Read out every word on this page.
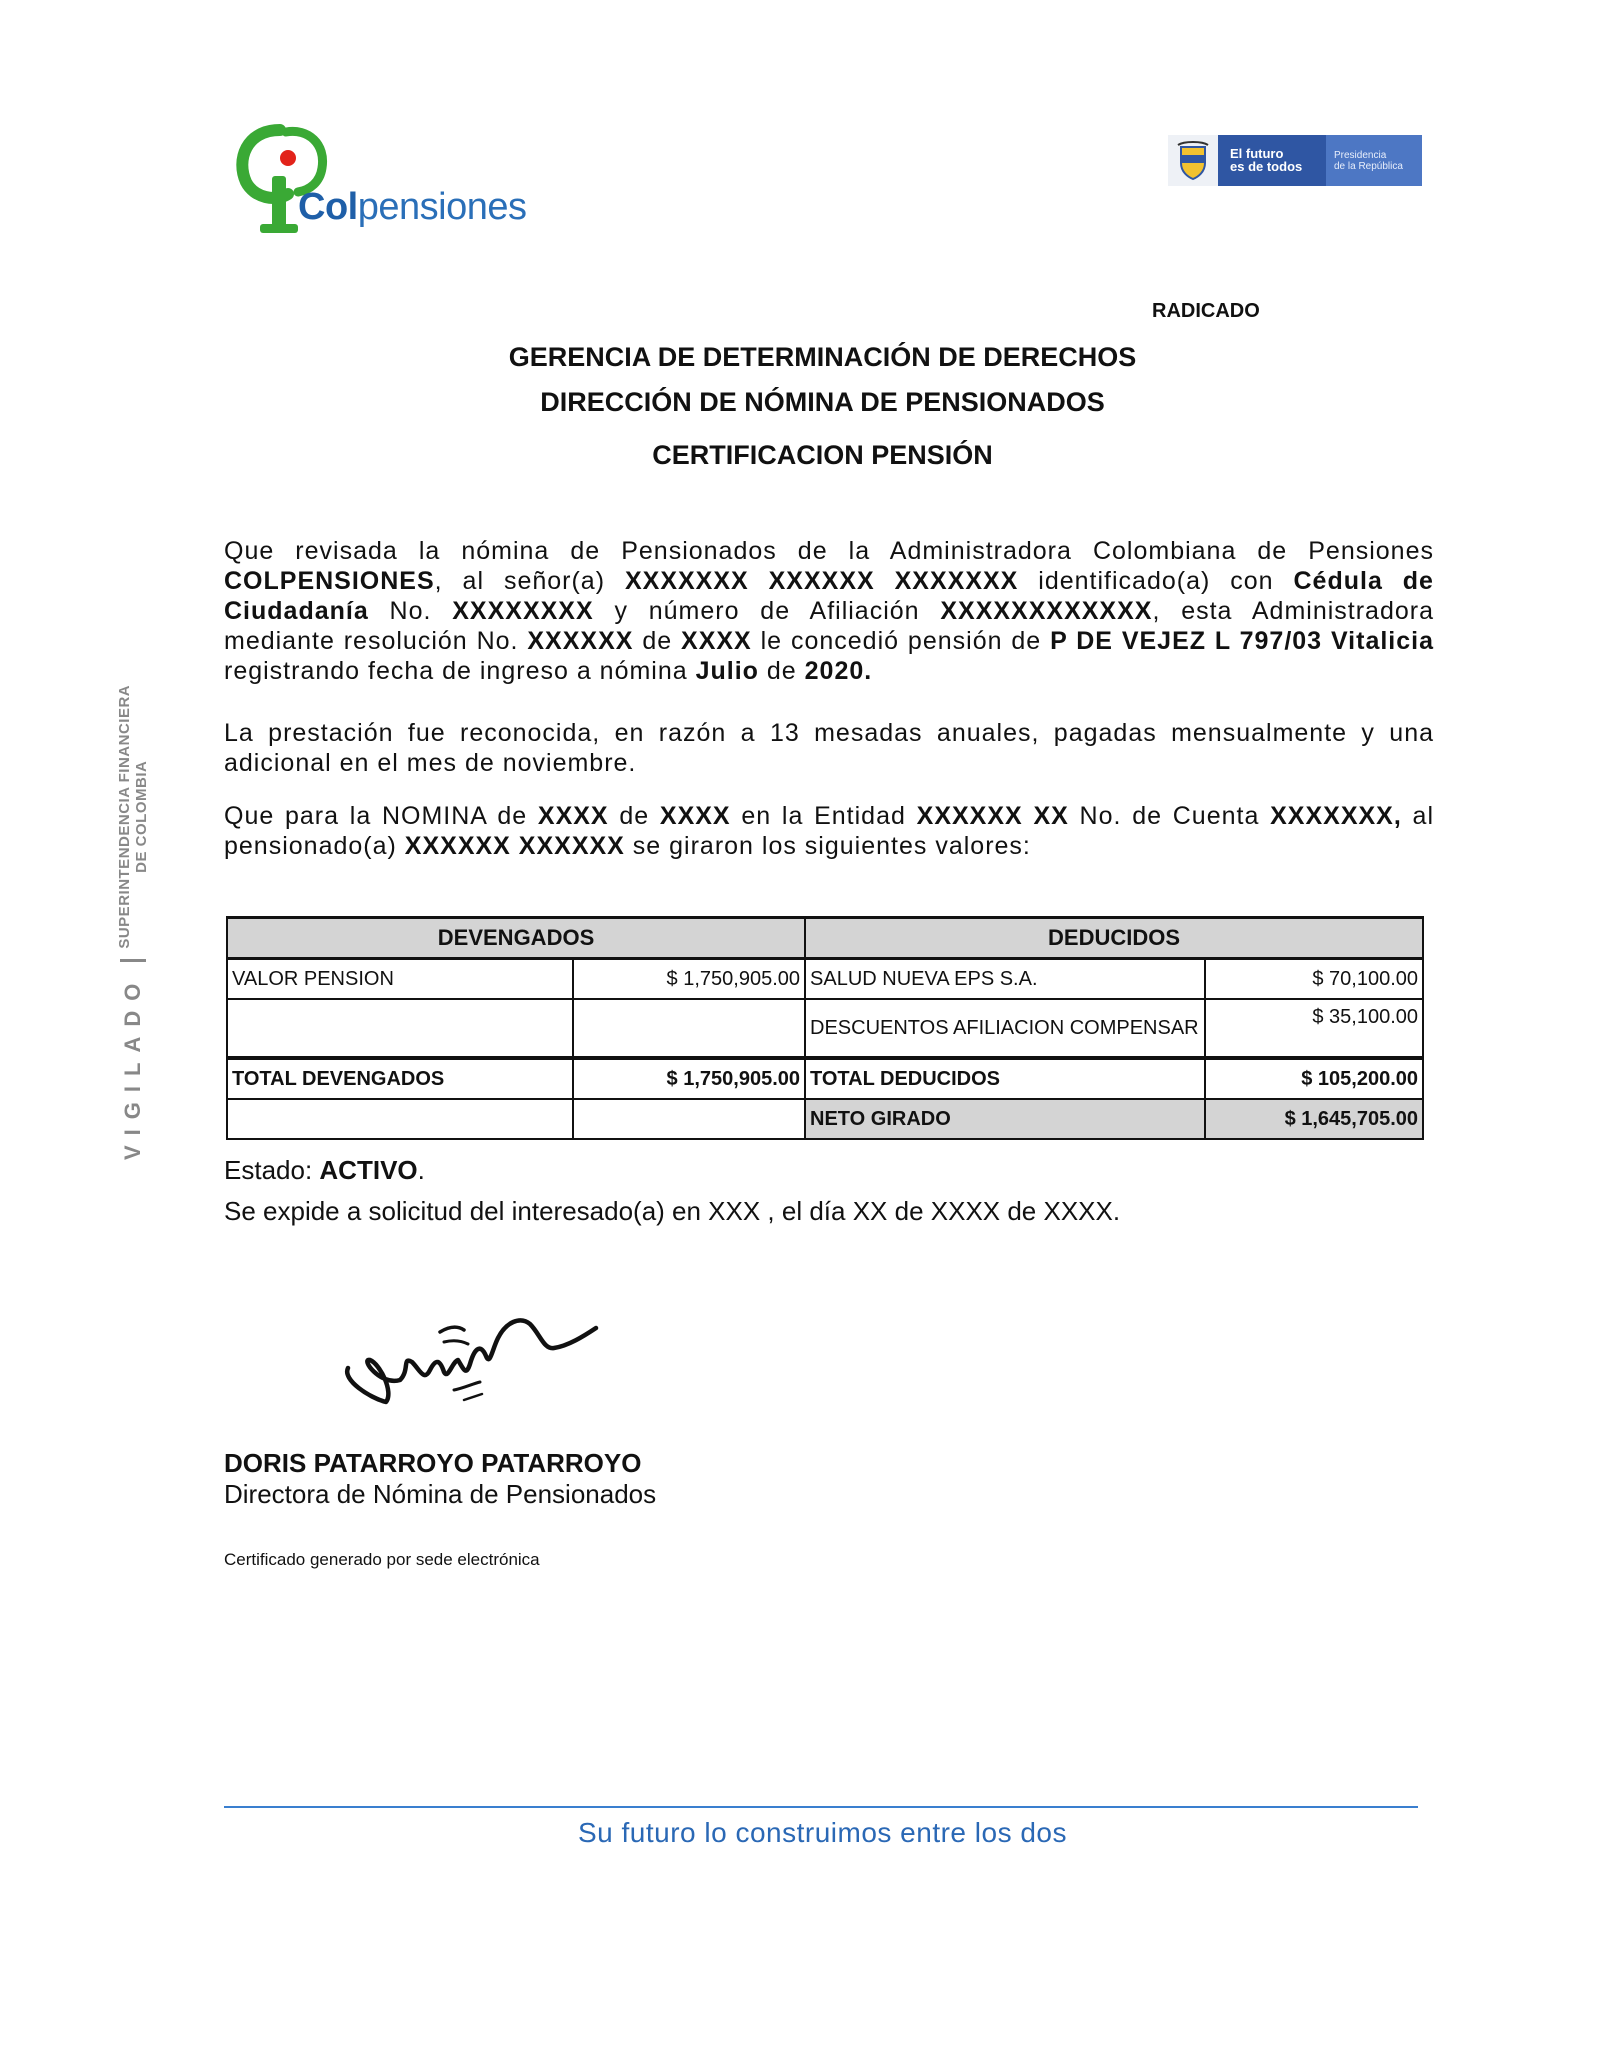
Colpensiones
El futuro
es de todos
Presidencia
de la República
RADICADO
GERENCIA DE DETERMINACIÓN DE DERECHOS
DIRECCIÓN DE NÓMINA DE PENSIONADOS
CERTIFICACION PENSIÓN

Que revisada la nómina de Pensionados de la Administradora Colombiana de Pensiones COLPENSIONES, al señor(a) XXXXXXX XXXXXX XXXXXXX identificado(a) con Cédula de Ciudadanía No. XXXXXXXX y número de Afiliación XXXXXXXXXXXX, esta Administradora mediante resolución No. XXXXXX de XXXX le concedió pensión de P DE VEJEZ L 797/03 Vitalicia registrando fecha de ingreso a nómina Julio de 2020.

La prestación fue reconocida, en razón a 13 mesadas anuales, pagadas mensualmente y una adicional en el mes de noviembre.

Que para la NOMINA de XXXX de XXXX en la Entidad XXXXXX XX No. de Cuenta XXXXXXX, al pensionado(a) XXXXXX XXXXXX se giraron los siguientes valores:

DEVENGADOS		DEDUCIDOS	
VALOR PENSION	$ 1,750,905.00	SALUD NUEVA EPS S.A.	$ 70,100.00
		DESCUENTOS AFILIACION COMPENSAR	$ 35,100.00
TOTAL DEVENGADOS	$ 1,750,905.00	TOTAL DEDUCIDOS	$ 105,200.00
		NETO GIRADO	$ 1,645,705.00
Estado: ACTIVO.
Se expide a solicitud del interesado(a) en XXX , el día XX de XXXX de XXXX.
DORIS PATARROYO PATARROYO
Directora de Nómina de Pensionados
Certificado generado por sede electrónica
Su futuro lo construimos entre los dos
VIGILADOSUPERINTENDENCIA FINANCIERA
DE COLOMBIA
